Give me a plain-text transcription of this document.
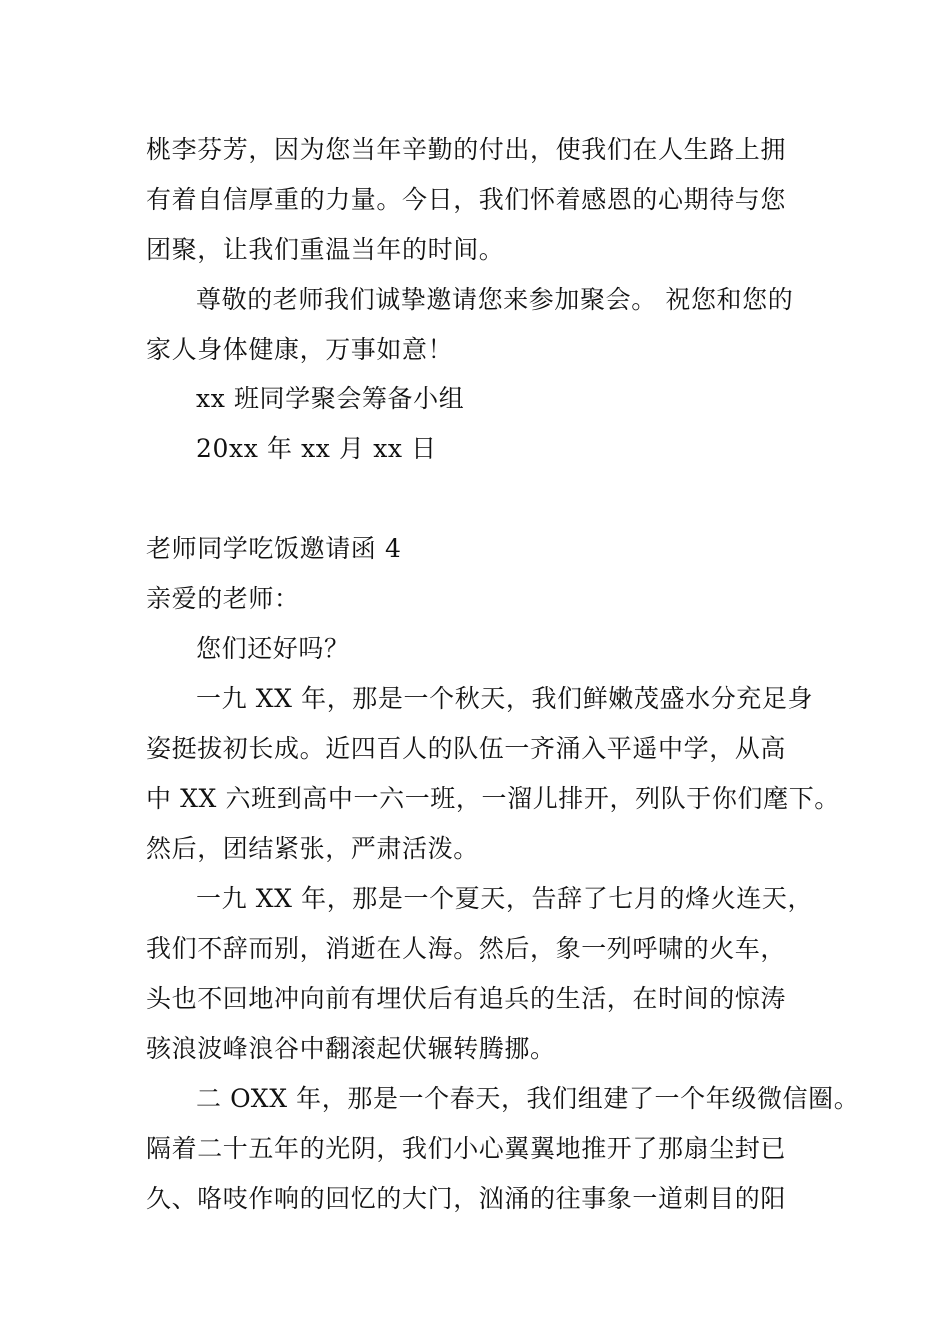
桃李芬芳，因为您当年辛勤的付出，使我们在人生路上拥
有着自信厚重的力量。今日，我们怀着感恩的心期待与您
团聚，让我们重温当年的时间。
尊敬的老师我们诚挚邀请您来参加聚会。 祝您和您的
家人身体健康，万事如意！
xx 班同学聚会筹备小组
20xx 年 xx 月 xx 日
老师同学吃饭邀请函 4
亲爱的老师：
您们还好吗？
一九 XX 年，那是一个秋天，我们鲜嫩茂盛水分充足身
姿挺拔初长成。近四百人的队伍一齐涌入平遥中学，从高
中 XX 六班到高中一六一班，一溜儿排开，列队于你们麾下。
然后，团结紧张，严肃活泼。
一九 XX 年，那是一个夏天，告辞了七月的烽火连天，
我们不辞而别，消逝在人海。然后，象一列呼啸的火车，
头也不回地冲向前有埋伏后有追兵的生活，在时间的惊涛
骇浪波峰浪谷中翻滚起伏辗转腾挪。
二 OXX 年，那是一个春天，我们组建了一个年级微信圈。
隔着二十五年的光阴，我们小心翼翼地推开了那扇尘封已
久、咯吱作响的回忆的大门，汹涌的往事象一道刺目的阳
